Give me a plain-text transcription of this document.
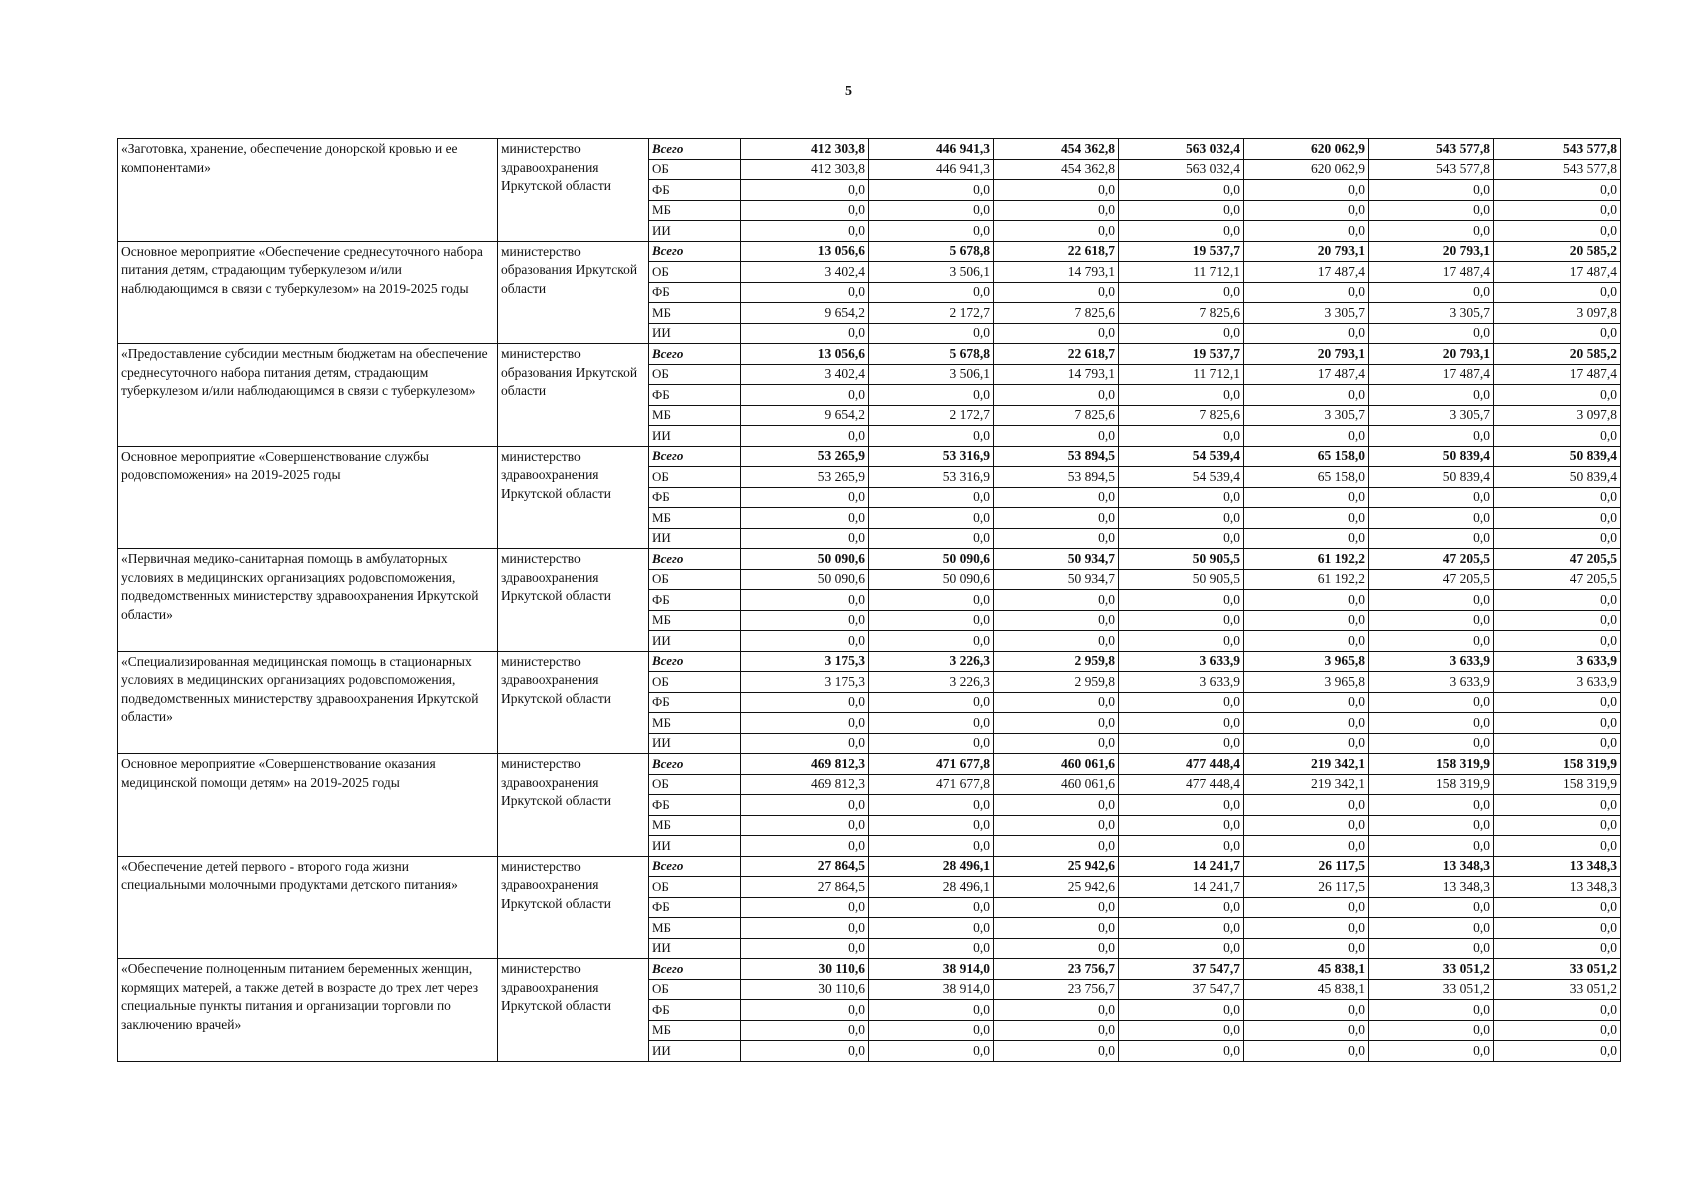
5
«Заготовка, хранение, обеспечение донорской кровью и ее компонентами»	министерство здравоохранения Иркутской области	Всего	412 303,8	446 941,3	454 362,8	563 032,4	620 062,9	543 577,8	543 577,8
		ОБ	412 303,8	446 941,3	454 362,8	563 032,4	620 062,9	543 577,8	543 577,8
		ФБ	0,0	0,0	0,0	0,0	0,0	0,0	0,0
		МБ	0,0	0,0	0,0	0,0	0,0	0,0	0,0
		ИИ	0,0	0,0	0,0	0,0	0,0	0,0	0,0
Основное мероприятие «Обеспечение среднесуточного набора питания детям, страдающим туберкулезом и/или наблюдающимся в связи с туберкулезом» на 2019-2025 годы	министерство образования Иркутской области	Всего	13 056,6	5 678,8	22 618,7	19 537,7	20 793,1	20 793,1	20 585,2
		ОБ	3 402,4	3 506,1	14 793,1	11 712,1	17 487,4	17 487,4	17 487,4
		ФБ	0,0	0,0	0,0	0,0	0,0	0,0	0,0
		МБ	9 654,2	2 172,7	7 825,6	7 825,6	3 305,7	3 305,7	3 097,8
		ИИ	0,0	0,0	0,0	0,0	0,0	0,0	0,0
«Предоставление субсидии местным бюджетам на обеспечение среднесуточного набора питания детям, страдающим туберкулезом и/или наблюдающимся в связи с туберкулезом»	министерство образования Иркутской области	Всего	13 056,6	5 678,8	22 618,7	19 537,7	20 793,1	20 793,1	20 585,2
		ОБ	3 402,4	3 506,1	14 793,1	11 712,1	17 487,4	17 487,4	17 487,4
		ФБ	0,0	0,0	0,0	0,0	0,0	0,0	0,0
		МБ	9 654,2	2 172,7	7 825,6	7 825,6	3 305,7	3 305,7	3 097,8
		ИИ	0,0	0,0	0,0	0,0	0,0	0,0	0,0
Основное мероприятие «Совершенствование службы родовспоможения» на 2019-2025 годы	министерство здравоохранения Иркутской области	Всего	53 265,9	53 316,9	53 894,5	54 539,4	65 158,0	50 839,4	50 839,4
		ОБ	53 265,9	53 316,9	53 894,5	54 539,4	65 158,0	50 839,4	50 839,4
		ФБ	0,0	0,0	0,0	0,0	0,0	0,0	0,0
		МБ	0,0	0,0	0,0	0,0	0,0	0,0	0,0
		ИИ	0,0	0,0	0,0	0,0	0,0	0,0	0,0
«Первичная медико-санитарная помощь в амбулаторных условиях в медицинских организациях родовспоможения, подведомственных министерству здравоохранения Иркутской области»	министерство здравоохранения Иркутской области	Всего	50 090,6	50 090,6	50 934,7	50 905,5	61 192,2	47 205,5	47 205,5
		ОБ	50 090,6	50 090,6	50 934,7	50 905,5	61 192,2	47 205,5	47 205,5
		ФБ	0,0	0,0	0,0	0,0	0,0	0,0	0,0
		МБ	0,0	0,0	0,0	0,0	0,0	0,0	0,0
		ИИ	0,0	0,0	0,0	0,0	0,0	0,0	0,0
«Специализированная медицинская помощь в стационарных условиях в медицинских организациях родовспоможения, подведомственных министерству здравоохранения Иркутской области»	министерство здравоохранения Иркутской области	Всего	3 175,3	3 226,3	2 959,8	3 633,9	3 965,8	3 633,9	3 633,9
		ОБ	3 175,3	3 226,3	2 959,8	3 633,9	3 965,8	3 633,9	3 633,9
		ФБ	0,0	0,0	0,0	0,0	0,0	0,0	0,0
		МБ	0,0	0,0	0,0	0,0	0,0	0,0	0,0
		ИИ	0,0	0,0	0,0	0,0	0,0	0,0	0,0
Основное мероприятие «Совершенствование оказания медицинской помощи детям» на 2019-2025 годы	министерство здравоохранения Иркутской области	Всего	469 812,3	471 677,8	460 061,6	477 448,4	219 342,1	158 319,9	158 319,9
		ОБ	469 812,3	471 677,8	460 061,6	477 448,4	219 342,1	158 319,9	158 319,9
		ФБ	0,0	0,0	0,0	0,0	0,0	0,0	0,0
		МБ	0,0	0,0	0,0	0,0	0,0	0,0	0,0
		ИИ	0,0	0,0	0,0	0,0	0,0	0,0	0,0
«Обеспечение детей первого - второго года жизни специальными молочными продуктами детского питания»	министерство здравоохранения Иркутской области	Всего	27 864,5	28 496,1	25 942,6	14 241,7	26 117,5	13 348,3	13 348,3
		ОБ	27 864,5	28 496,1	25 942,6	14 241,7	26 117,5	13 348,3	13 348,3
		ФБ	0,0	0,0	0,0	0,0	0,0	0,0	0,0
		МБ	0,0	0,0	0,0	0,0	0,0	0,0	0,0
		ИИ	0,0	0,0	0,0	0,0	0,0	0,0	0,0
«Обеспечение полноценным питанием беременных женщин, кормящих матерей, а также детей в возрасте до трех лет через специальные пункты питания и организации торговли по заключению врачей»	министерство здравоохранения Иркутской области	Всего	30 110,6	38 914,0	23 756,7	37 547,7	45 838,1	33 051,2	33 051,2
		ОБ	30 110,6	38 914,0	23 756,7	37 547,7	45 838,1	33 051,2	33 051,2
		ФБ	0,0	0,0	0,0	0,0	0,0	0,0	0,0
		МБ	0,0	0,0	0,0	0,0	0,0	0,0	0,0
		ИИ	0,0	0,0	0,0	0,0	0,0	0,0	0,0
